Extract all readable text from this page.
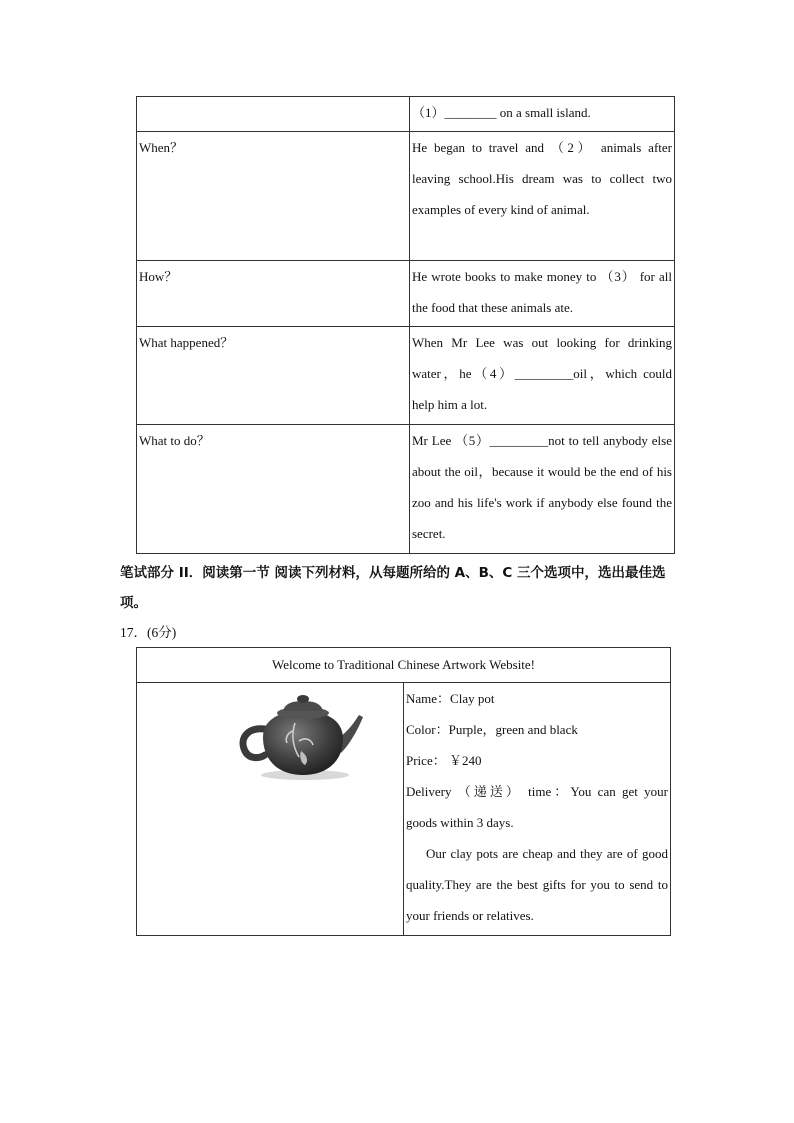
	（1）________ on a small island.
When？	He began to travel and （2） animals after leaving school.His dream was to collect two examples of every kind of animal.
How？	He wrote books to make money to （3） for all the food that these animals ate.
What happened？	When Mr Lee was out looking for drinking water，he（4）_________oil，which could help him a lot.
What to do？	Mr Lee （5）_________not to tell anybody else about the oil，because it would be the end of his zoo and his life's work if anybody else found the secret.
笔试部分 II．阅读第一节 阅读下列材料，从每题所给的 A、B、C 三个选项中，选出最佳选项。
17．(6分)
Welcome to Traditional Chinese Artwork Website!

Name：Clay pot

Color：Purple，green and black

Price： ￥240

Delivery （递送） time：You can get your goods within 3 days.

Our clay pots are cheap and they are of good quality.They are the best gifts for you to send to your friends or relatives.
